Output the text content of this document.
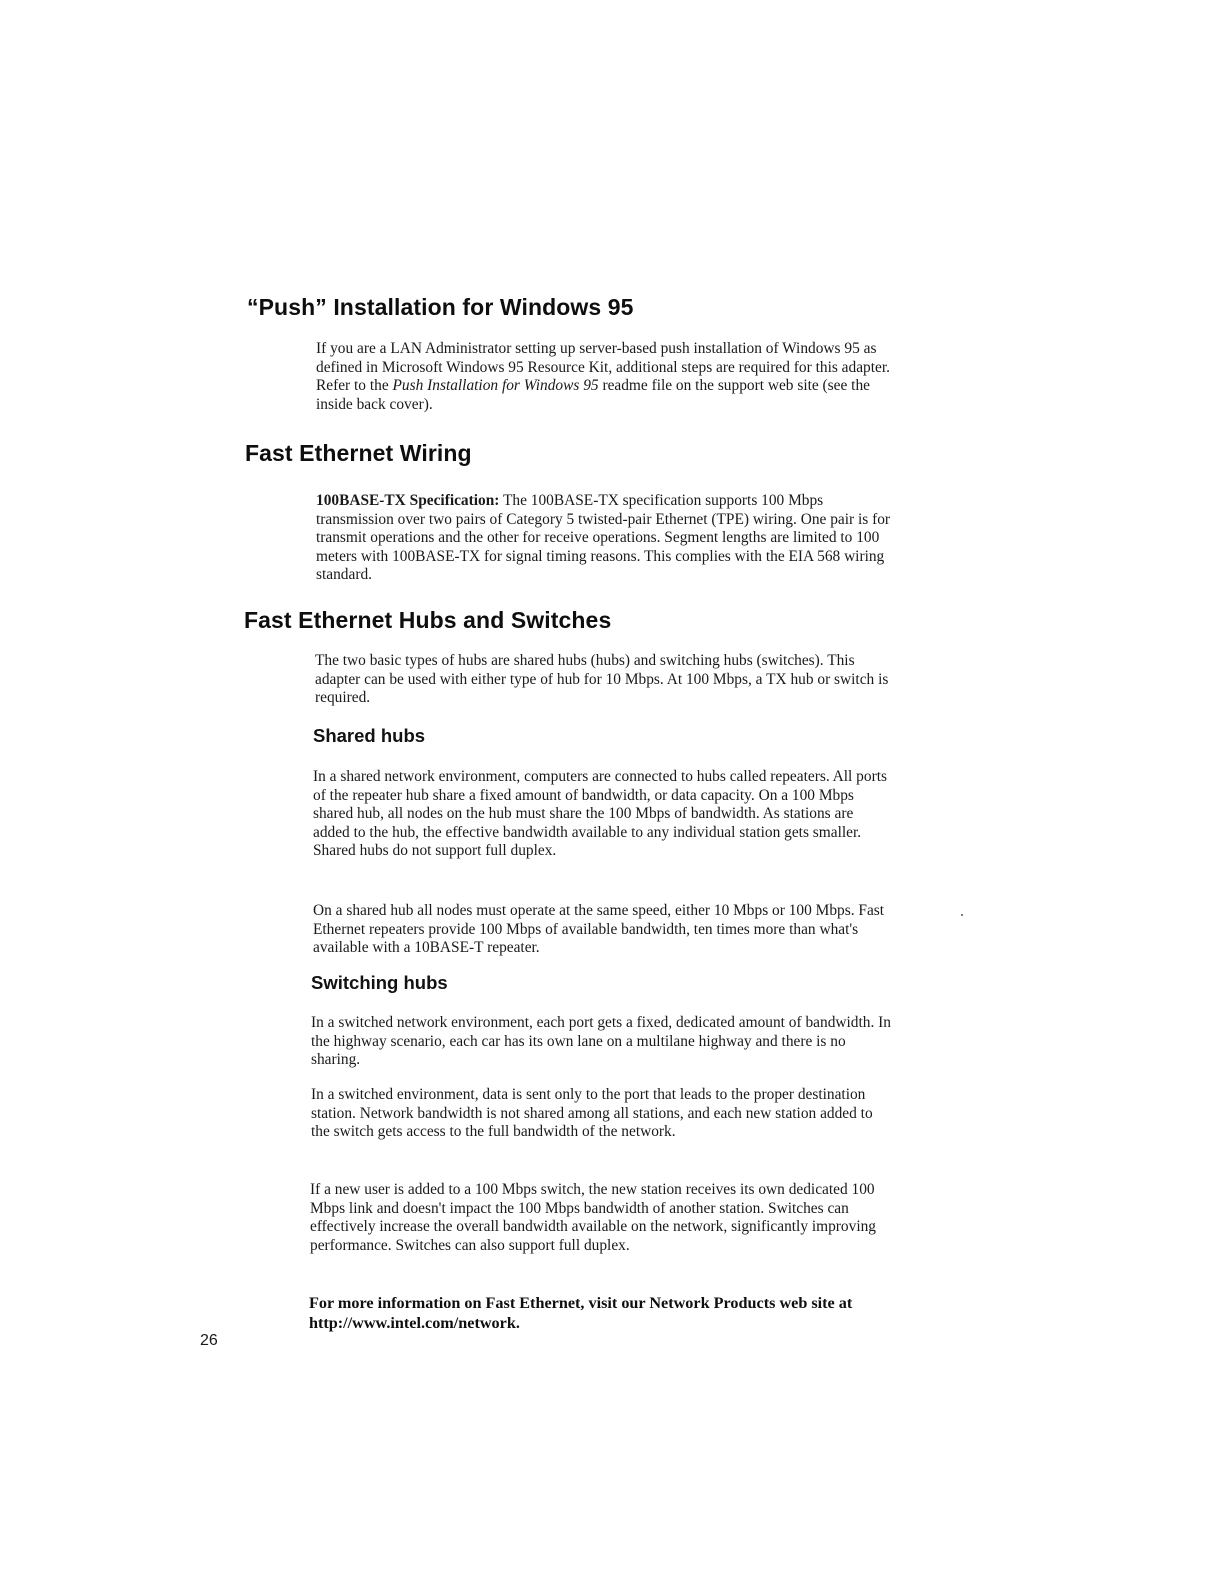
“Push” Installation for Windows 95

If you are a LAN Administrator setting up server-based push installation of Windows 95 as defined in Microsoft Windows 95 Resource Kit, additional steps are required for this adapter. Refer to the Push Installation for Windows 95 readme file on the support web site (see the inside back cover).

Fast Ethernet Wiring

100BASE-TX Specification: The 100BASE-TX specification supports 100 Mbps transmission over two pairs of Category 5 twisted-pair Ethernet (TPE) wiring. One pair is for transmit operations and the other for receive operations. Segment lengths are limited to 100 meters with 100BASE-TX for signal timing reasons. This complies with the EIA 568 wiring standard.

Fast Ethernet Hubs and Switches

The two basic types of hubs are shared hubs (hubs) and switching hubs (switches). This adapter can be used with either type of hub for 10 Mbps. At 100 Mbps, a TX hub or switch is required.

Shared hubs

In a shared network environment, computers are connected to hubs called repeaters. All ports of the repeater hub share a fixed amount of bandwidth, or data capacity. On a 100 Mbps shared hub, all nodes on the hub must share the 100 Mbps of bandwidth. As stations are added to the hub, the effective bandwidth available to any individual station gets smaller. Shared hubs do not support full duplex.

On a shared hub all nodes must operate at the same speed, either 10 Mbps or 100 Mbps. Fast Ethernet repeaters provide 100 Mbps of available bandwidth, ten times more than what's available with a 10BASE-T repeater.

Switching hubs

In a switched network environment, each port gets a fixed, dedicated amount of bandwidth. In the highway scenario, each car has its own lane on a multilane highway and there is no sharing.

In a switched environment, data is sent only to the port that leads to the proper destination station. Network bandwidth is not shared among all stations, and each new station added to the switch gets access to the full bandwidth of the network.

If a new user is added to a 100 Mbps switch, the new station receives its own dedicated 100 Mbps link and doesn't impact the 100 Mbps bandwidth of another station. Switches can effectively increase the overall bandwidth available on the network, significantly improving performance. Switches can also support full duplex.

For more information on Fast Ethernet, visit our Network Products web site at http://www.intel.com/network.

26
